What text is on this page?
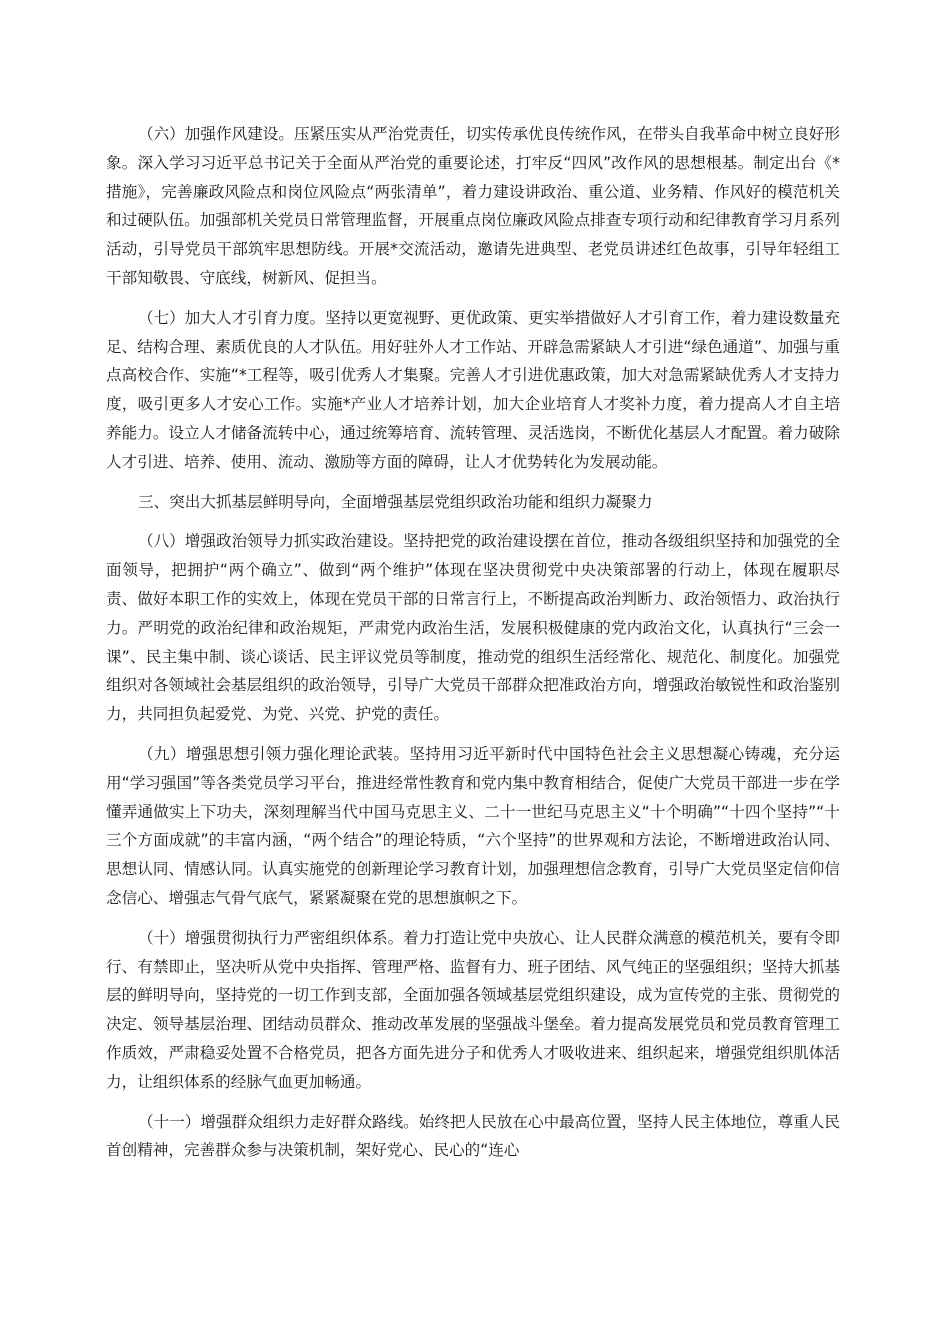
（六）加强作风建设。压紧压实从严治党责任，切实传承优良传统作风，在带头自我革命中树立良好形象。深入学习习近平总书记关于全面从严治党的重要论述，打牢反“四风”改作风的思想根基。制定出台《*措施》，完善廉政风险点和岗位风险点“两张清单”，着力建设讲政治、重公道、业务精、作风好的模范机关和过硬队伍。加强部机关党员日常管理监督，开展重点岗位廉政风险点排查专项行动和纪律教育学习月系列活动，引导党员干部筑牢思想防线。开展*交流活动，邀请先进典型、老党员讲述红色故事，引导年轻组工干部知敬畏、守底线，树新风、促担当。

（七）加大人才引育力度。坚持以更宽视野、更优政策、更实举措做好人才引育工作，着力建设数量充足、结构合理、素质优良的人才队伍。用好驻外人才工作站、开辟急需紧缺人才引进“绿色通道”、加强与重点高校合作、实施“*工程等，吸引优秀人才集聚。完善人才引进优惠政策，加大对急需紧缺优秀人才支持力度，吸引更多人才安心工作。实施*产业人才培养计划，加大企业培育人才奖补力度，着力提高人才自主培养能力。设立人才储备流转中心，通过统筹培育、流转管理、灵活选岗，不断优化基层人才配置。着力破除人才引进、培养、使用、流动、激励等方面的障碍，让人才优势转化为发展动能。

三、突出大抓基层鲜明导向，全面增强基层党组织政治功能和组织力凝聚力

（八）增强政治领导力抓实政治建设。坚持把党的政治建设摆在首位，推动各级组织坚持和加强党的全面领导，把拥护“两个确立”、做到“两个维护”体现在坚决贯彻党中央决策部署的行动上，体现在履职尽责、做好本职工作的实效上，体现在党员干部的日常言行上，不断提高政治判断力、政治领悟力、政治执行力。严明党的政治纪律和政治规矩，严肃党内政治生活，发展积极健康的党内政治文化，认真执行“三会一课”、民主集中制、谈心谈话、民主评议党员等制度，推动党的组织生活经常化、规范化、制度化。加强党组织对各领域社会基层组织的政治领导，引导广大党员干部群众把准政治方向，增强政治敏锐性和政治鉴别力，共同担负起爱党、为党、兴党、护党的责任。

（九）增强思想引领力强化理论武装。坚持用习近平新时代中国特色社会主义思想凝心铸魂，充分运用“学习强国”等各类党员学习平台，推进经常性教育和党内集中教育相结合，促使广大党员干部进一步在学懂弄通做实上下功夫，深刻理解当代中国马克思主义、二十一世纪马克思主义“十个明确”“十四个坚持”“十三个方面成就”的丰富内涵，“两个结合”的理论特质，“六个坚持”的世界观和方法论，不断增进政治认同、思想认同、情感认同。认真实施党的创新理论学习教育计划，加强理想信念教育，引导广大党员坚定信仰信念信心、增强志气骨气底气，紧紧凝聚在党的思想旗帜之下。

（十）增强贯彻执行力严密组织体系。着力打造让党中央放心、让人民群众满意的模范机关，要有令即行、有禁即止，坚决听从党中央指挥、管理严格、监督有力、班子团结、风气纯正的坚强组织；坚持大抓基层的鲜明导向，坚持党的一切工作到支部，全面加强各领域基层党组织建设，成为宣传党的主张、贯彻党的决定、领导基层治理、团结动员群众、推动改革发展的坚强战斗堡垒。着力提高发展党员和党员教育管理工作质效，严肃稳妥处置不合格党员，把各方面先进分子和优秀人才吸收进来、组织起来，增强党组织肌体活力，让组织体系的经脉气血更加畅通。

（十一）增强群众组织力走好群众路线。始终把人民放在心中最高位置，坚持人民主体地位，尊重人民首创精神，完善群众参与决策机制，架好党心、民心的“连心
